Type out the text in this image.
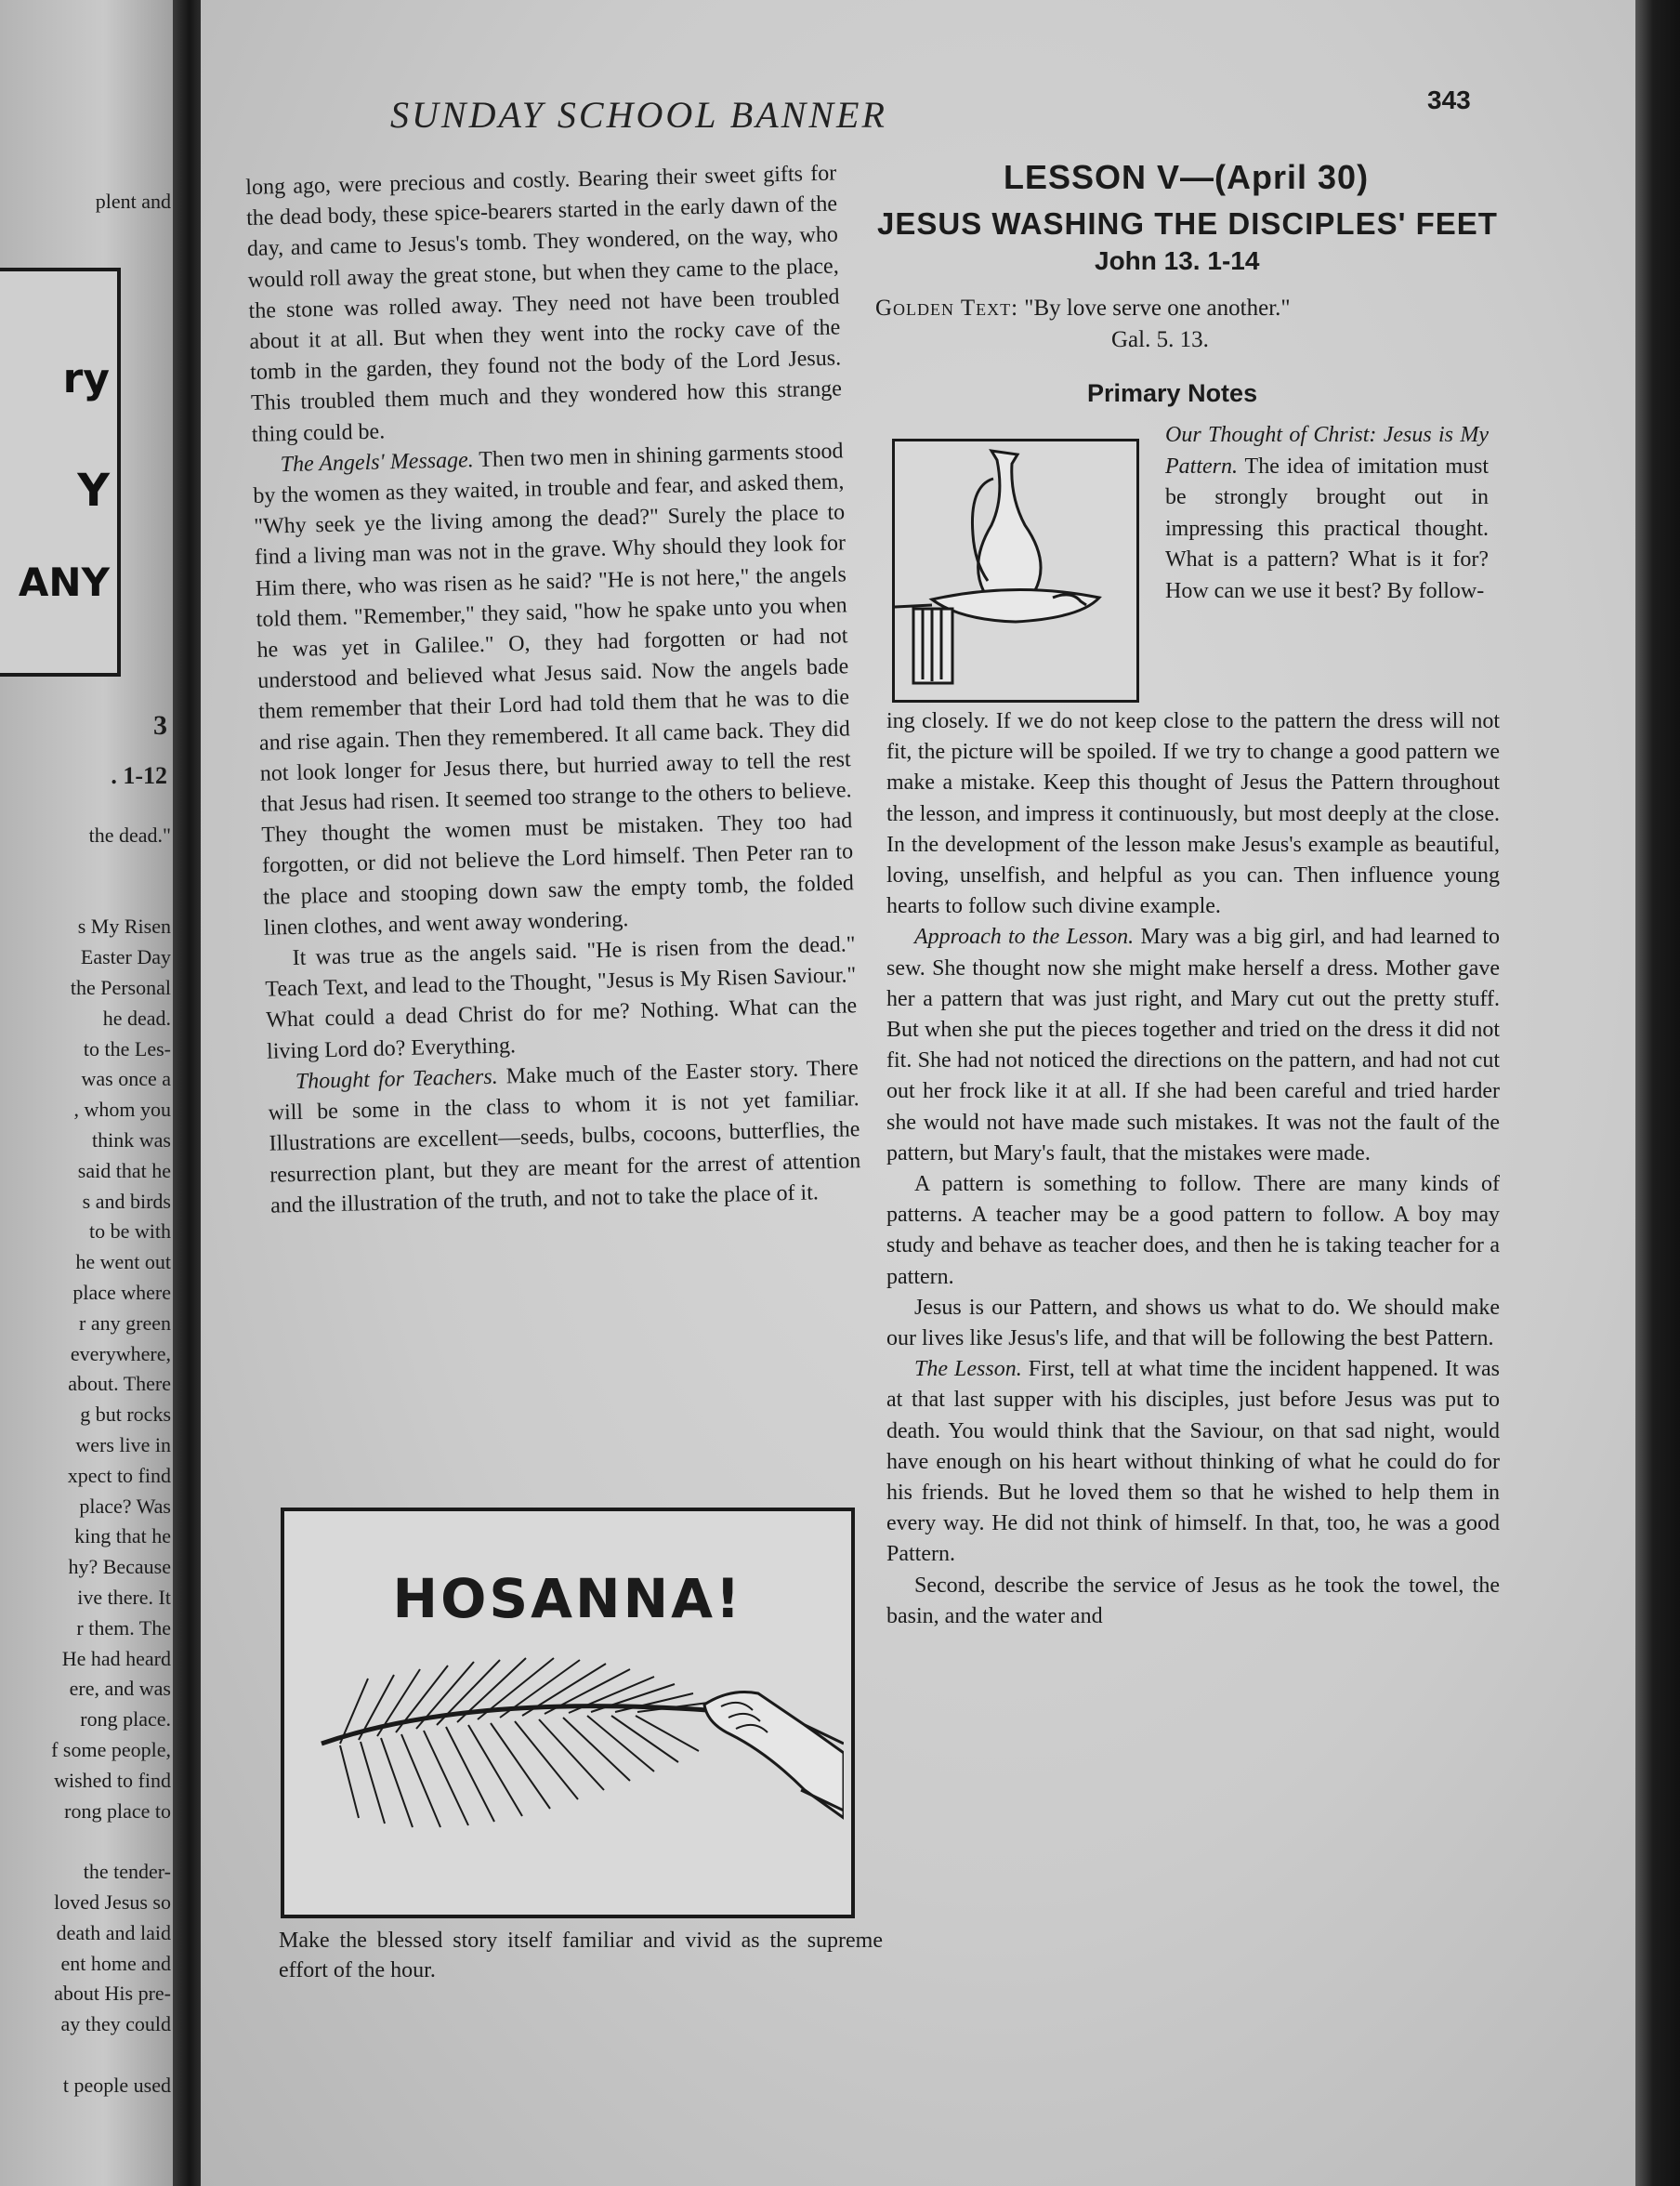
plent and
ry
Y
ANY
3
. 1-12
the dead."
s My Risen
Easter Day
the Personal
he dead.
to the Les-
was once a
, whom you
think was
said that he
s and birds
to be with
he went out
place where
r any green
everywhere,
about. There
g but rocks
wers live in
xpect to find
place? Was
king that he
hy? Because
ive there. It
r them. The
He had heard
ere, and was
rong place.
f some people,
wished to find
rong place to
the tender-
loved Jesus so
death and laid
ent home and
about His pre-
ay they could
t people used
SUNDAY SCHOOL BANNER	343

long ago, were precious and costly. Bearing their sweet gifts for the dead body, these spice-bearers started in the early dawn of the day, and came to Jesus's tomb. They wondered, on the way, who would roll away the great stone, but when they came to the place, the stone was rolled away. They need not have been troubled about it at all. But when they went into the rocky cave of the tomb in the garden, they found not the body of the Lord Jesus. This troubled them much and they wondered how this strange thing could be.

The Angels' Message. Then two men in shining garments stood by the women as they waited, in trouble and fear, and asked them, "Why seek ye the living among the dead?" Surely the place to find a living man was not in the grave. Why should they look for Him there, who was risen as he said? "He is not here," the angels told them. "Remember," they said, "how he spake unto you when he was yet in Galilee." O, they had forgotten or had not understood and believed what Jesus said. Now the angels bade them remember that their Lord had told them that he was to die and rise again. Then they remembered. It all came back. They did not look longer for Jesus there, but hurried away to tell the rest that Jesus had risen. It seemed too strange to the others to believe. They thought the women must be mistaken. They too had forgotten, or did not believe the Lord himself. Then Peter ran to the place and stooping down saw the empty tomb, the folded linen clothes, and went away wondering.

It was true as the angels said. "He is risen from the dead." Teach Text, and lead to the Thought, "Jesus is My Risen Saviour." What could a dead Christ do for me? Nothing. What can the living Lord do? Everything.

Thought for Teachers. Make much of the Easter story. There will be some in the class to whom it is not yet familiar. Illustrations are excellent—seeds, bulbs, cocoons, butterflies, the resurrection plant, but they are meant for the arrest of attention and the illustration of the truth, and not to take the place of it.

HOSANNA!
Make the blessed story itself familiar and vivid as the supreme effort of the hour.
LESSON V—(April 30)
JESUS WASHING THE DISCIPLES' FEET
John 13. 1-14
Golden Text: "By love serve one another."
Gal. 5. 13.
Primary Notes
Our Thought of Christ: Jesus is My Pattern. The idea of imitation must be strongly brought out in impressing this practical thought. What is a pattern? What is it for? How can we use it best? By follow-

ing closely. If we do not keep close to the pattern the dress will not fit, the picture will be spoiled. If we try to change a good pattern we make a mistake. Keep this thought of Jesus the Pattern throughout the lesson, and impress it continuously, but most deeply at the close. In the development of the lesson make Jesus's example as beautiful, loving, unselfish, and helpful as you can. Then influence young hearts to follow such divine example.

Approach to the Lesson. Mary was a big girl, and had learned to sew. She thought now she might make herself a dress. Mother gave her a pattern that was just right, and Mary cut out the pretty stuff. But when she put the pieces together and tried on the dress it did not fit. She had not noticed the directions on the pattern, and had not cut out her frock like it at all. If she had been careful and tried harder she would not have made such mistakes. It was not the fault of the pattern, but Mary's fault, that the mistakes were made.

A pattern is something to follow. There are many kinds of patterns. A teacher may be a good pattern to follow. A boy may study and behave as teacher does, and then he is taking teacher for a pattern.

Jesus is our Pattern, and shows us what to do. We should make our lives like Jesus's life, and that will be following the best Pattern.

The Lesson. First, tell at what time the incident happened. It was at that last supper with his disciples, just before Jesus was put to death. You would think that the Saviour, on that sad night, would have enough on his heart without thinking of what he could do for his friends. But he loved them so that he wished to help them in every way. He did not think of himself. In that, too, he was a good Pattern.

Second, describe the service of Jesus as he took the towel, the basin, and the water and
